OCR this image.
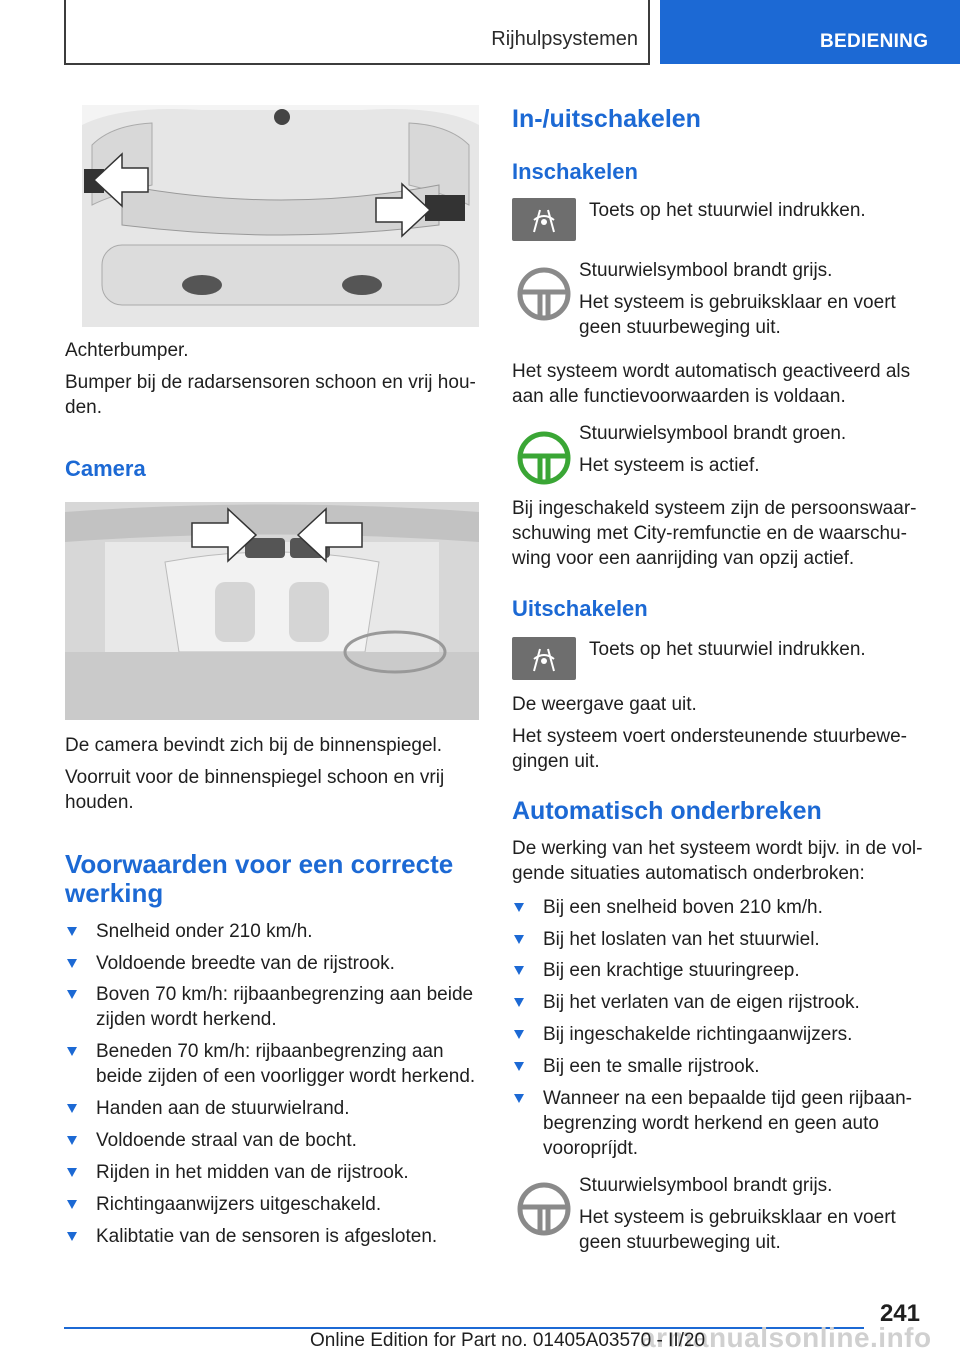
Rijhulpsystemen	BEDIENING
Achterbumper.
Bumper bij de radarsensoren schoon en vrij hou-
den.
Camera
De camera bevindt zich bij de binnenspiegel.
Voorruit voor de binnenspiegel schoon en vrij
houden.
Voorwaarden voor een correcte
werking
Snelheid onder 210 km/h.
Voldoende breedte van de rijstrook.
Boven 70 km/h: rijbaanbegrenzing aan beide
zijden wordt herkend.
Beneden 70 km/h: rijbaanbegrenzing aan
beide zijden of een voorligger wordt herkend.
Handen aan de stuurwielrand.
Voldoende straal van de bocht.
Rijden in het midden van de rijstrook.
Richtingaanwijzers uitgeschakeld.
Kalibtatie van de sensoren is afgesloten.
In-/uitschakelen
Inschakelen
Toets op het stuurwiel indrukken.
Stuurwielsymbool brandt grijs.
Het systeem is gebruiksklaar en voert
geen stuurbeweging uit.
Het systeem wordt automatisch geactiveerd als
aan alle functievoorwaarden is voldaan.
Stuurwielsymbool brandt groen.
Het systeem is actief.
Bij ingeschakeld systeem zijn de persoonswaar-
schuwing met City-remfunctie en de waarschu-
wing voor een aanrijding van opzij actief.
Uitschakelen
Toets op het stuurwiel indrukken.
De weergave gaat uit.
Het systeem voert ondersteunende stuurbewe-
gingen uit.
Automatisch onderbreken
De werking van het systeem wordt bijv. in de vol-
gende situaties automatisch onderbroken:
Bij een snelheid boven 210 km/h.
Bij het loslaten van het stuurwiel.
Bij een krachtige stuuringreep.
Bij het verlaten van de eigen rijstrook.
Bij ingeschakelde richtingaanwijzers.
Bij een te smalle rijstrook.
Wanneer na een bepaalde tijd geen rijbaan-
begrenzing wordt herkend en geen auto
vooropríjdt.
Stuurwielsymbool brandt grijs.
Het systeem is gebruiksklaar en voert
geen stuurbeweging uit.
241
armanualsonline.info
Online Edition for Part no. 01405A03570 - II/20
